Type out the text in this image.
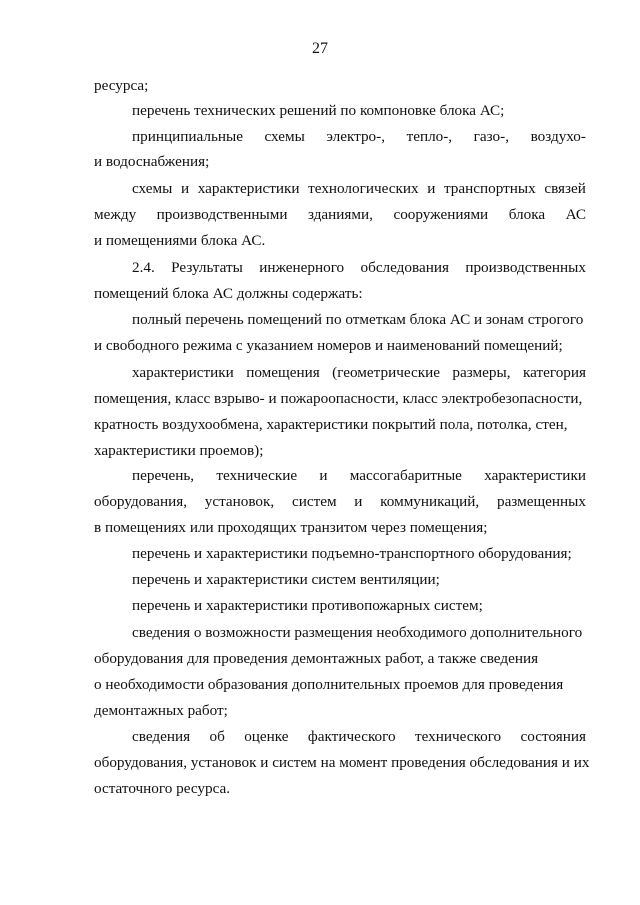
27
ресурса;
перечень технических решений по компоновке блока АС;
принципиальные схемы электро-, тепло-, газо-, воздухо-
и водоснабжения;
схемы и характеристики технологических и транспортных связей
между производственными зданиями, сооружениями блока АС
и помещениями блока АС.
2.4. Результаты инженерного обследования производственных
помещений блока АС должны содержать:
полный перечень помещений по отметкам блока АС и зонам строгого
и свободного режима с указанием номеров и наименований помещений;
характеристики помещения (геометрические размеры, категория
помещения, класс взрыво- и пожароопасности, класс электробезопасности,
кратность воздухообмена, характеристики покрытий пола, потолка, стен,
характеристики проемов);
перечень, технические и массогабаритные характеристики
оборудования, установок, систем и коммуникаций, размещенных
в помещениях или проходящих транзитом через помещения;
перечень и характеристики подъемно-транспортного оборудования;
перечень и характеристики систем вентиляции;
перечень и характеристики противопожарных систем;
сведения о возможности размещения необходимого дополнительного
оборудования для проведения демонтажных работ, а также сведения
о необходимости образования дополнительных проемов для проведения
демонтажных работ;
сведения об оценке фактического технического состояния
оборудования, установок и систем на момент проведения обследования и их
остаточного ресурса.
